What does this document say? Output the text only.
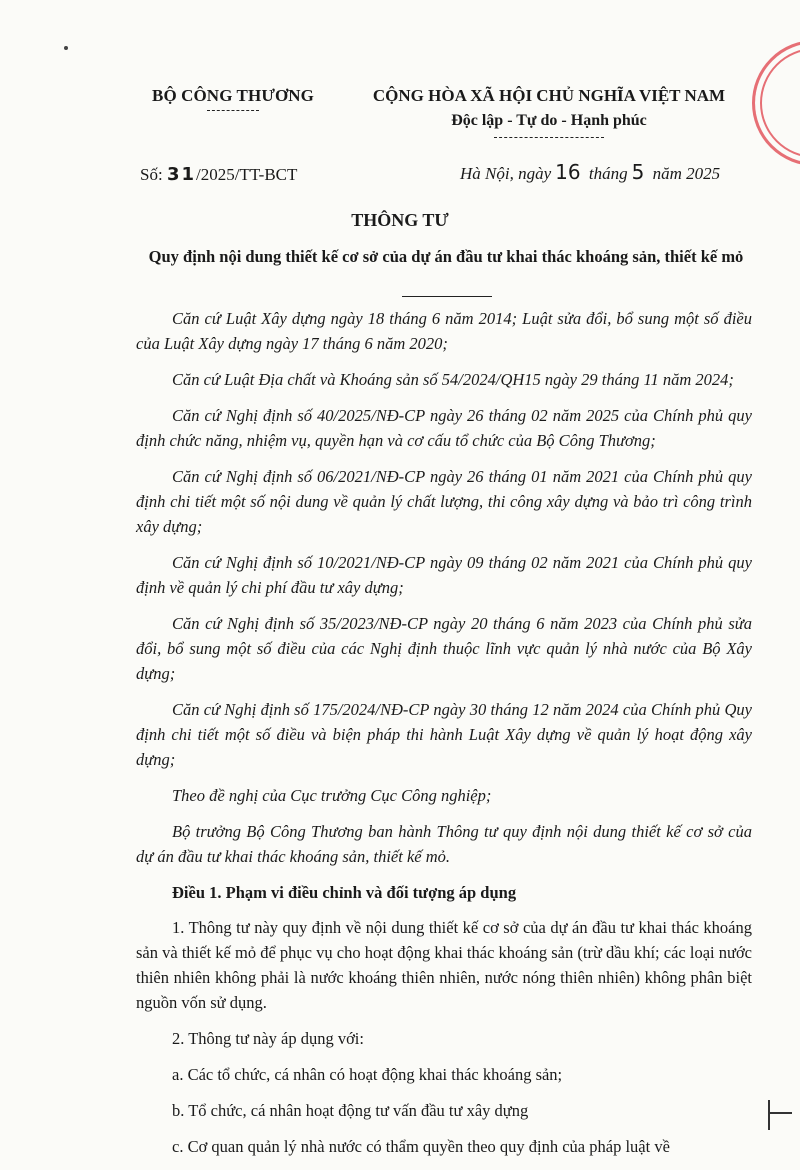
BỘ CÔNG THƯƠNG	CỘNG HÒA XÃ HỘI CHỦ NGHĨA VIỆT NAM
Độc lập - Tự do - Hạnh phúc
Số: 31/2025/TT-BCT	Hà Nội, ngày 16 tháng 5 năm 2025
THÔNG TƯ
Quy định nội dung thiết kế cơ sở của dự án đầu tư khai thác khoáng sản, thiết kế mỏ

Căn cứ Luật Xây dựng ngày 18 tháng 6 năm 2014; Luật sửa đổi, bổ sung một số điều của Luật Xây dựng ngày 17 tháng 6 năm 2020;

Căn cứ Luật Địa chất và Khoáng sản số 54/2024/QH15 ngày 29 tháng 11 năm 2024;

Căn cứ Nghị định số 40/2025/NĐ-CP ngày 26 tháng 02 năm 2025 của Chính phủ quy định chức năng, nhiệm vụ, quyền hạn và cơ cấu tổ chức của Bộ Công Thương;

Căn cứ Nghị định số 06/2021/NĐ-CP ngày 26 tháng 01 năm 2021 của Chính phủ quy định chi tiết một số nội dung về quản lý chất lượng, thi công xây dựng và bảo trì công trình xây dựng;

Căn cứ Nghị định số 10/2021/NĐ-CP ngày 09 tháng 02 năm 2021 của Chính phủ quy định về quản lý chi phí đầu tư xây dựng;

Căn cứ Nghị định số 35/2023/NĐ-CP ngày 20 tháng 6 năm 2023 của Chính phủ sửa đổi, bổ sung một số điều của các Nghị định thuộc lĩnh vực quản lý nhà nước của Bộ Xây dựng;

Căn cứ Nghị định số 175/2024/NĐ-CP ngày 30 tháng 12 năm 2024 của Chính phủ Quy định chi tiết một số điều và biện pháp thi hành Luật Xây dựng về quản lý hoạt động xây dựng;

Theo đề nghị của Cục trưởng Cục Công nghiệp;

Bộ trưởng Bộ Công Thương ban hành Thông tư quy định nội dung thiết kế cơ sở của dự án đầu tư khai thác khoáng sản, thiết kế mỏ.

Điều 1. Phạm vi điều chỉnh và đối tượng áp dụng

1. Thông tư này quy định về nội dung thiết kế cơ sở của dự án đầu tư khai thác khoáng sản và thiết kế mỏ để phục vụ cho hoạt động khai thác khoáng sản (trừ dầu khí; các loại nước thiên nhiên không phải là nước khoáng thiên nhiên, nước nóng thiên nhiên) không phân biệt nguồn vốn sử dụng.

2. Thông tư này áp dụng với:

a. Các tổ chức, cá nhân có hoạt động khai thác khoáng sản;

b. Tổ chức, cá nhân hoạt động tư vấn đầu tư xây dựng

c. Cơ quan quản lý nhà nước có thẩm quyền theo quy định của pháp luật về
